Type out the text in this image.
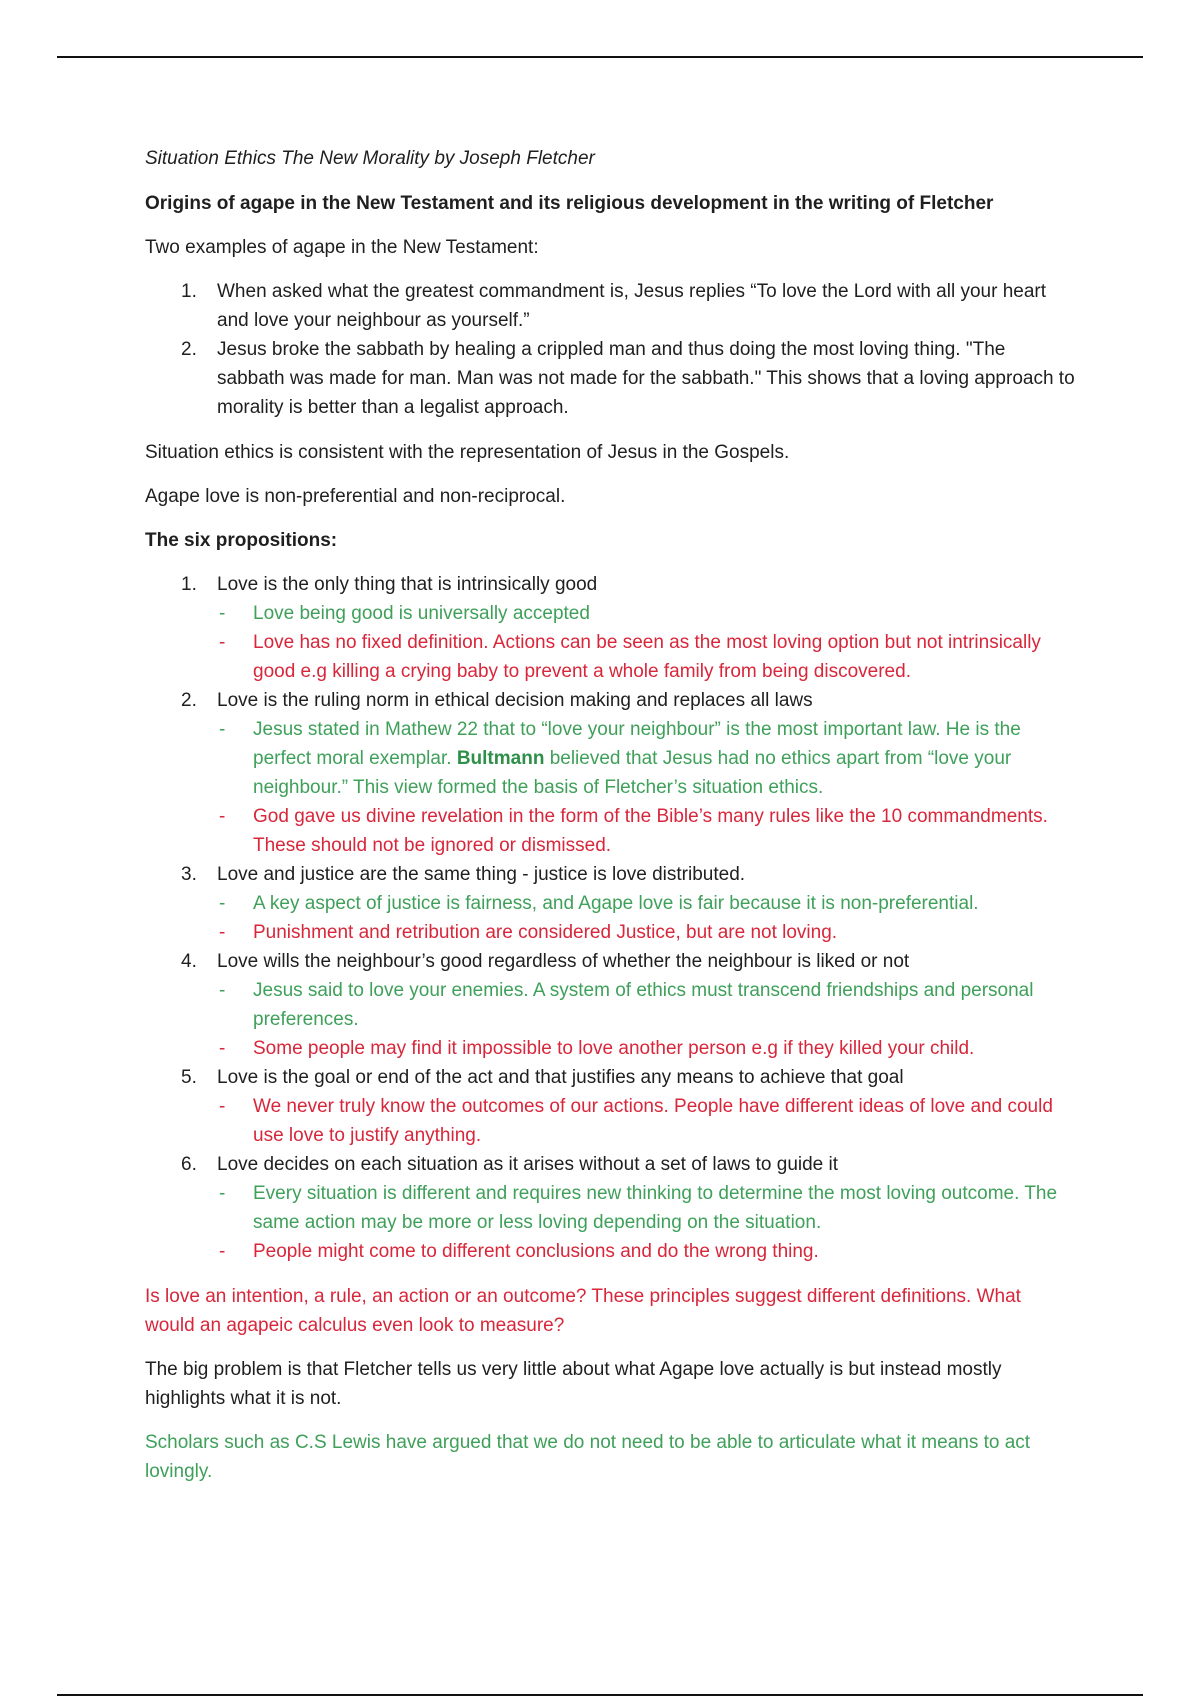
Situation Ethics The New Morality by Joseph Fletcher

Origins of agape in the New Testament and its religious development in the writing of Fletcher

Two examples of agape in the New Testament:

1. When asked what the greatest commandment is, Jesus replies “To love the Lord with all your heart and love your neighbour as yourself.”
2. Jesus broke the sabbath by healing a crippled man and thus doing the most loving thing. "The sabbath was made for man. Man was not made for the sabbath." This shows that a loving approach to morality is better than a legalist approach.

Situation ethics is consistent with the representation of Jesus in the Gospels.

Agape love is non-preferential and non-reciprocal.

The six propositions:

1. Love is the only thing that is intrinsically good
- Love being good is universally accepted
- Love has no fixed definition. Actions can be seen as the most loving option but not intrinsically good e.g killing a crying baby to prevent a whole family from being discovered.
2. Love is the ruling norm in ethical decision making and replaces all laws
- Jesus stated in Mathew 22 that to “love your neighbour” is the most important law. He is the perfect moral exemplar. Bultmann believed that Jesus had no ethics apart from “love your neighbour.” This view formed the basis of Fletcher’s situation ethics.
- God gave us divine revelation in the form of the Bible’s many rules like the 10 commandments. These should not be ignored or dismissed.
3. Love and justice are the same thing - justice is love distributed.
- A key aspect of justice is fairness, and Agape love is fair because it is non-preferential.
- Punishment and retribution are considered Justice, but are not loving.
4. Love wills the neighbour’s good regardless of whether the neighbour is liked or not
- Jesus said to love your enemies. A system of ethics must transcend friendships and personal preferences.
- Some people may find it impossible to love another person e.g if they killed your child.
5. Love is the goal or end of the act and that justifies any means to achieve that goal
- We never truly know the outcomes of our actions. People have different ideas of love and could use love to justify anything.
6. Love decides on each situation as it arises without a set of laws to guide it
- Every situation is different and requires new thinking to determine the most loving outcome. The same action may be more or less loving depending on the situation.
- People might come to different conclusions and do the wrong thing.

Is love an intention, a rule, an action or an outcome? These principles suggest different definitions. What would an agapeic calculus even look to measure?

The big problem is that Fletcher tells us very little about what Agape love actually is but instead mostly highlights what it is not.

Scholars such as C.S Lewis have argued that we do not need to be able to articulate what it means to act lovingly.
